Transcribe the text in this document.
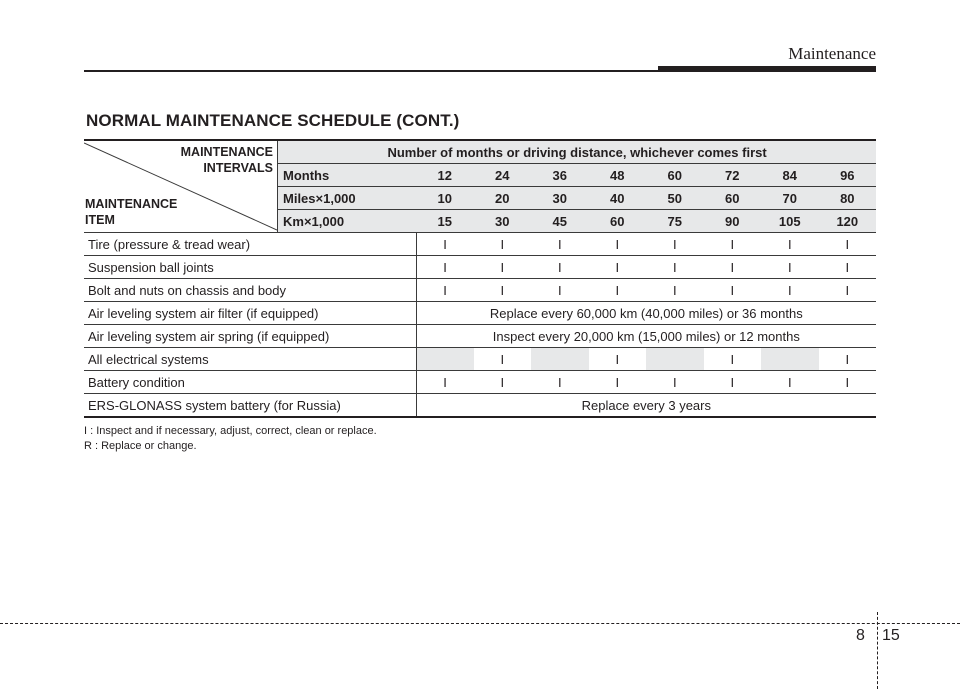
Maintenance
NORMAL MAINTENANCE SCHEDULE (CONT.)
MAINTENANCE
INTERVALS
MAINTENANCE
ITEM	Number of months or driving distance, whichever comes first								
	Months	12	24	36	48	60	72	84	96
	Miles×1,000	10	20	30	40	50	60	70	80
	Km×1,000	15	30	45	60	75	90	105	120
Tire (pressure & tread wear)		I	I	I	I	I	I	I	I
Suspension ball joints		I	I	I	I	I	I	I	I
Bolt and nuts on chassis and body		I	I	I	I	I	I	I	I
Air leveling system air filter (if equipped)		Replace every 60,000 km (40,000 miles) or 36 months							
Air leveling system air spring (if equipped)		Inspect every 20,000 km (15,000 miles) or 12 months							
All electrical systems			I		I		I		I
Battery condition		I	I	I	I	I	I	I	I
ERS-GLONASS system battery (for Russia)		Replace every 3 years							
I : Inspect and if necessary, adjust, correct, clean or replace.
R : Replace or change.
8 15
